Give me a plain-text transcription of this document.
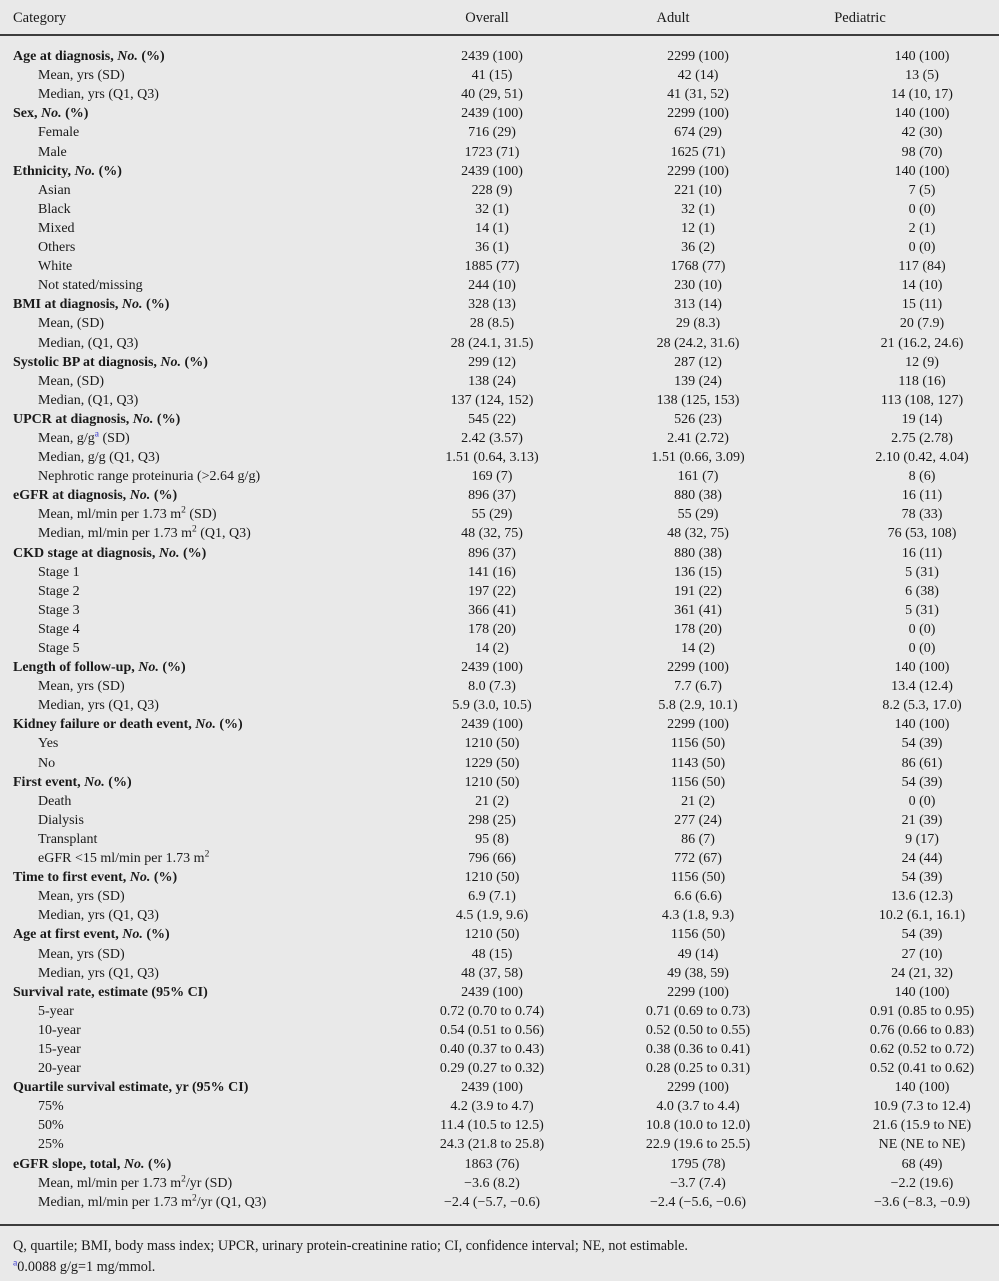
Category	Overall	Adult	Pediatric
Age at diagnosis, No. (%)	2439 (100)	2299 (100)	140 (100)
Mean, yrs (SD)	41 (15)	42 (14)	13 (5)
Median, yrs (Q1, Q3)	40 (29, 51)	41 (31, 52)	14 (10, 17)
Sex, No. (%)	2439 (100)	2299 (100)	140 (100)
Female	716 (29)	674 (29)	42 (30)
Male	1723 (71)	1625 (71)	98 (70)
Ethnicity, No. (%)	2439 (100)	2299 (100)	140 (100)
Asian	228 (9)	221 (10)	7 (5)
Black	32 (1)	32 (1)	0 (0)
Mixed	14 (1)	12 (1)	2 (1)
Others	36 (1)	36 (2)	0 (0)
White	1885 (77)	1768 (77)	117 (84)
Not stated/missing	244 (10)	230 (10)	14 (10)
BMI at diagnosis, No. (%)	328 (13)	313 (14)	15 (11)
Mean, (SD)	28 (8.5)	29 (8.3)	20 (7.9)
Median, (Q1, Q3)	28 (24.1, 31.5)	28 (24.2, 31.6)	21 (16.2, 24.6)
Systolic BP at diagnosis, No. (%)	299 (12)	287 (12)	12 (9)
Mean, (SD)	138 (24)	139 (24)	118 (16)
Median, (Q1, Q3)	137 (124, 152)	138 (125, 153)	113 (108, 127)
UPCR at diagnosis, No. (%)	545 (22)	526 (23)	19 (14)
Mean, g/g$^a$ (SD)	2.42 (3.57)	2.41 (2.72)	2.75 (2.78)
Median, g/g (Q1, Q3)	1.51 (0.64, 3.13)	1.51 (0.66, 3.09)	2.10 (0.42, 4.04)
Nephrotic range proteinuria (>2.64 g/g)	169 (7)	161 (7)	8 (6)
eGFR at diagnosis, No. (%)	896 (37)	880 (38)	16 (11)
Mean, ml/min per 1.73 $m^2$ (SD)	55 (29)	55 (29)	78 (33)
Median, ml/min per 1.73 $m^2$ (Q1, Q3)	48 (32, 75)	48 (32, 75)	76 (53, 108)
CKD stage at diagnosis, No. (%)	896 (37)	880 (38)	16 (11)
Stage 1	141 (16)	136 (15)	5 (31)
Stage 2	197 (22)	191 (22)	6 (38)
Stage 3	366 (41)	361 (41)	5 (31)
Stage 4	178 (20)	178 (20)	0 (0)
Stage 5	14 (2)	14 (2)	0 (0)
Length of follow-up, No. (%)	2439 (100)	2299 (100)	140 (100)
Mean, yrs (SD)	8.0 (7.3)	7.7 (6.7)	13.4 (12.4)
Median, yrs (Q1, Q3)	5.9 (3.0, 10.5)	5.8 (2.9, 10.1)	8.2 (5.3, 17.0)
Kidney failure or death event, No. (%)	2439 (100)	2299 (100)	140 (100)
Yes	1210 (50)	1156 (50)	54 (39)
No	1229 (50)	1143 (50)	86 (61)
First event, No. (%)	1210 (50)	1156 (50)	54 (39)
Death	21 (2)	21 (2)	0 (0)
Dialysis	298 (25)	277 (24)	21 (39)
Transplant	95 (8)	86 (7)	9 (17)
eGFR <15 ml/min per 1.73 $m^2$	796 (66)	772 (67)	24 (44)
Time to first event, No. (%)	1210 (50)	1156 (50)	54 (39)
Mean, yrs (SD)	6.9 (7.1)	6.6 (6.6)	13.6 (12.3)
Median, yrs (Q1, Q3)	4.5 (1.9, 9.6)	4.3 (1.8, 9.3)	10.2 (6.1, 16.1)
Age at first event, No. (%)	1210 (50)	1156 (50)	54 (39)
Mean, yrs (SD)	48 (15)	49 (14)	27 (10)
Median, yrs (Q1, Q3)	48 (37, 58)	49 (38, 59)	24 (21, 32)
Survival rate, estimate (95% CI)	2439 (100)	2299 (100)	140 (100)
5-year	0.72 (0.70 to 0.74)	0.71 (0.69 to 0.73)	0.91 (0.85 to 0.95)
10-year	0.54 (0.51 to 0.56)	0.52 (0.50 to 0.55)	0.76 (0.66 to 0.83)
15-year	0.40 (0.37 to 0.43)	0.38 (0.36 to 0.41)	0.62 (0.52 to 0.72)
20-year	0.29 (0.27 to 0.32)	0.28 (0.25 to 0.31)	0.52 (0.41 to 0.62)
Quartile survival estimate, yr (95% CI)	2439 (100)	2299 (100)	140 (100)
75%	4.2 (3.9 to 4.7)	4.0 (3.7 to 4.4)	10.9 (7.3 to 12.4)
50%	11.4 (10.5 to 12.5)	10.8 (10.0 to 12.0)	21.6 (15.9 to NE)
25%	24.3 (21.8 to 25.8)	22.9 (19.6 to 25.5)	NE (NE to NE)
eGFR slope, total, No. (%)	1863 (76)	1795 (78)	68 (49)
Mean, ml/min per 1.73 $m^2/yr$ (SD)	−3.6 (8.2)	−3.7 (7.4)	−2.2 (19.6)
Median, ml/min per 1.73 $m^2/yr$ (Q1, Q3)	−2.4 (−5.7, −0.6)	−2.4 (−5.6, −0.6)	−3.6 (−8.3, −0.9)
Q, quartile; BMI, body mass index; UPCR, urinary protein-creatinine ratio; CI, confidence interval; NE, not estimable.
$^a$0.0088 g/g=1 mg/mmol.
